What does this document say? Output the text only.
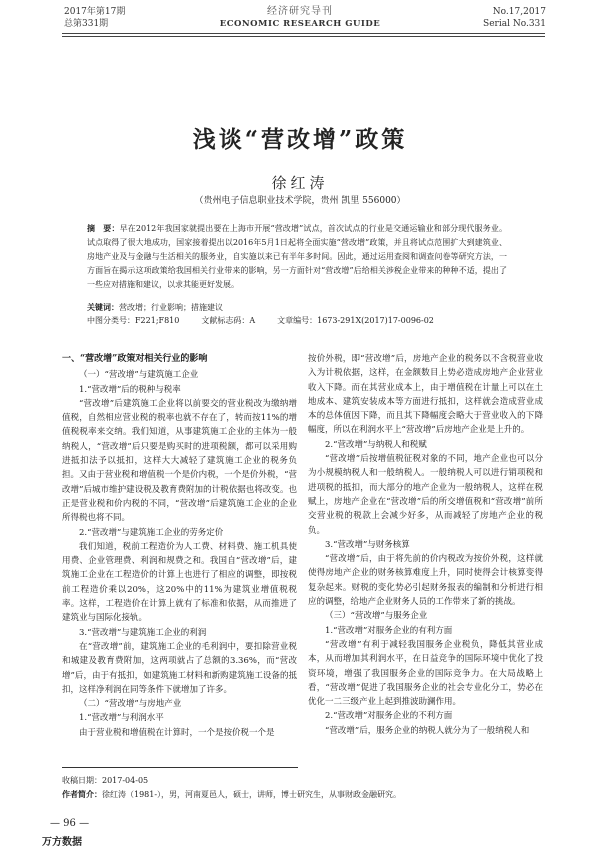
2017年第17期
总第331期
经济研究导刊
ECONOMIC RESEARCH GUIDE
No.17,2017
Serial No.331
浅谈“营改增”政策
徐红涛
（贵州电子信息职业技术学院，贵州 凯里 556000）
摘　要：早在2012年我国家就提出要在上海市开展“营改增”试点，首次试点的行业是交通运输业和部分现代服务业。试点取得了很大地成功，国家接着提出以2016年5月1日起将全面实施“营改增”政策，并且将试点范围扩大到建筑业、房地产业及与金融与生活相关的服务业，自实施以来已有半年多时间。因此，通过运用查阅和调查问卷等研究方法，一方面旨在揭示这项政策给我国相关行业带来的影响，另一方面针对“营改增”后给相关涉税企业带来的种种不适，提出了一些应对措施和建议，以求其能更好发展。
关键词：营改增；行业影响；措施建议
中图分类号：F221;F810	文献标志码：A	文章编号：1673-291X(2017)17-0096-02

一、“营改增”政策对相关行业的影响

（一）“营改增”与建筑施工企业

1.“营改增”后的税种与税率

“营改增”后建筑施工企业将以前要交的营业税改为缴纳增值税，自然相应营业税的税率也就不存在了，转而按11%的增值税税率来交纳。我们知道，从事建筑施工企业的主体为一般纳税人，“营改增”后只要是购买时的进项税额，都可以采用购进抵扣法予以抵扣，这样大大减轻了建筑施工企业的税务负担。又由于营业税和增值税一个是价内税，一个是价外税，“营改增”后城市维护建设税及教育费附加的计税依据也将改变。也正是营业税和价内税的不同，“营改增”后建筑施工企业的企业所得税也将不同。

2.“营改增”与建筑施工企业的劳务定价

我们知道，税前工程造价为人工费、材料费、施工机具使用费、企业管理费、利润和规费之和。我国自“营改增”后，建筑施工企业在工程造价的计算上也进行了相应的调整，即按税前工程造价乘以20%，这20%中的11%为建筑业增值税税率。这样，工程造价在计算上就有了标准和依据，从而推进了建筑业与国际化接轨。

3.“营改增”与建筑施工企业的利润

在“营改增”前，建筑施工企业的毛利润中，要扣除营业税和城建及教育费附加，这两项就占了总额的3.36%，而“营改增”后，由于有抵扣，如建筑施工材料和新购建筑施工设备的抵扣，这样净利润在同等条件下就增加了许多。

（二）“营改增”与房地产业

1.“营改增”与利润水平

由于营业税和增值税在计算时，一个是按价税一个是

按价外税，即“营改增”后，房地产企业的税务以不含税营业收入为计税依据，这样，在金额数目上势必造成房地产企业营业收入下降。而在其营业成本上，由于增值税在计量上可以在土地成本、建筑安装成本等方面进行抵扣，这样就会造成营业成本的总体值因下降，而且其下降幅度会略大于营业收入的下降幅度，所以在利润水平上“营改增”后房地产企业是上升的。

2.“营改增”与纳税人和税赋

“营改增”后按增值税征税对象的不同，地产企业也可以分为小规模纳税人和一般纳税人。一般纳税人可以进行销项税和进项税的抵扣，而大部分的地产企业为一般纳税人，这样在税赋上，房地产企业在“营改增”后的所交增值税和“营改增”前所交营业税的税款上会减少好多，从而减轻了房地产企业的税负。

3.“营改增”与财务核算

“营改增”后，由于将先前的价内税改为按价外税，这样就使得房地产企业的财务核算难度上升，同时使得会计核算变得复杂起来。财税的变化势必引起财务报表的编制和分析进行相应的调整，给地产企业财务人员的工作带来了新的挑战。

（三）“营改增”与服务企业

1.“营改增”对服务企业的有利方面

“营改增”有利于减轻我国服务企业税负，降低其营业成本，从而增加其利润水平，在日益竞争的国际环境中优化了投资环境，增强了我国服务企业的国际竞争力。在大局战略上看，“营改增”促进了我国服务企业的社会专业化分工，势必在优化一二三级产业上起到推波助澜作用。

2.“营改增”对服务企业的不利方面

“营改增”后，服务企业的纳税人就分为了一般纳税人和

收稿日期：2017-04-05
作者简介：徐红涛（1981-），男，河南夏邑人，硕士，讲师，博士研究生，从事财政金融研究。
— 96 —
万方数据
